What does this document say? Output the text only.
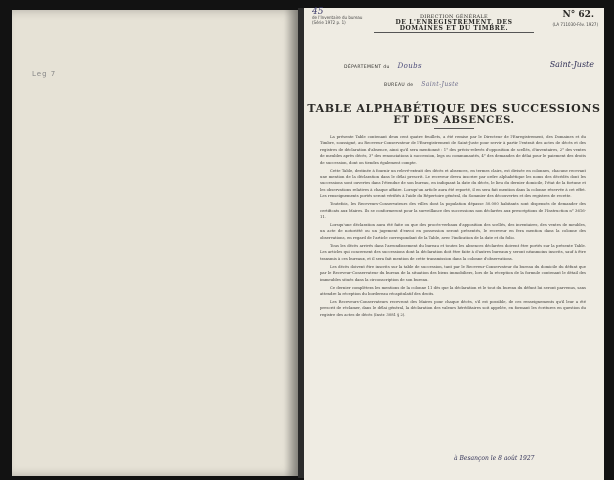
Leg 7
45
de l'Inventaire du bureau
(Série 1972 p. 1)
DIRECTION GÉNÉRALE
DE L'ENREGISTREMENT, DES DOMAINES ET DU TIMBRE.
N° 62.
(LA 711030-Fév. 1927)
DÉPARTEMENT du Doubs	Saint-Juste
BUREAU de Saint-Juste
TABLE ALPHABÉTIQUE DES SUCCESSIONS
ET DES ABSENCES.

La présente Table contenant deux cent quatre feuillets, a été remise par le Directeur de l'Enregistrement, des Domaines et du Timbre, soussigné, au Receveur-Conservateur de l'Enregistrement de Saint-Juste pour servir à partir l'extrait des actes de décès et des registres de déclaration d'absence, ainsi qu'il sera mentionné : 1° des précis-relevés d'opposition de scellés, d'inventaires, 2° des ventes de meubles après décès, 3° des renonciations à succession, legs ou communautés, 4° des demandes de délai pour le paiement des droits de succession, dont on tiendra également compte.

Cette Table, destinée à fournir un relevé-extrait des décès et absences, en termes clairs, est divisée en colonnes, chacune recevant une mention de la déclaration dans le délai prescrit. Le receveur devra inscrire par ordre alphabétique les noms des décédés dont les successions sont ouvertes dans l'étendue de son bureau, en indiquant la date du décès, le lieu du dernier domicile, l'état de la fortune et les observations relatives à chaque affaire. Lorsqu'un article aura été reporté, il en sera fait mention dans la colonne réservée à cet effet. Les renseignements portés seront vérifiés à l'aide du Répertoire général, du Sommier des découvertes et des registres de recette.

Toutefois, les Receveurs-Conservateurs des villes dont la population dépasse 50.000 habitants sont dispensés de demander des certificats aux Maires. Ils se conformeront pour la surveillance des successions non déclarées aux prescriptions de l'Instruction n° 3616-11.

Lorsqu'une déclaration aura été faite ou que des procès-verbaux d'apposition des scellés, des inventaires, des ventes de meubles, un acte de notoriété ou un jugement d'envoi en possession seront présentés, le receveur en fera mention dans la colonne des observations, en regard de l'article correspondant de la Table, avec l'indication de la date et du folio.

Tous les décès arrivés dans l'arrondissement du bureau et toutes les absences déclarées doivent être portés sur la présente Table. Les articles qui concernent des successions dont la déclaration doit être faite à d'autres bureaux y seront néanmoins inscrits, sauf à être transmis à ces bureaux, et il sera fait mention de cette transmission dans la colonne d'observations.

Les décès doivent être inscrits sur la table de succession, tant par le Receveur-Conservateur du bureau du domicile du défunt que par le Receveur-Conservateur du bureau de la situation des biens immobiliers, lors de la réception de la formule contenant le détail des immeubles situés dans la circonscription de son bureau.

Ce dernier complétera les mentions de la colonne 11 dès que la déclaration et le tout du bureau du défunt lui seront parvenus, sans attendre la réception du bordereau récapitulatif des droits.

Les Receveurs-Conservateurs recevront des Maires pour chaque décès, s'il est possible, de ces renseignements qu'il leur a été prescrit de réclamer, dans le délai général, la déclaration des valeurs héréditaires soit appelée, en formant les écritures en question du registre des actes de décès (Instr. 3081 § 2).

à Besançon le 8 août 1927
